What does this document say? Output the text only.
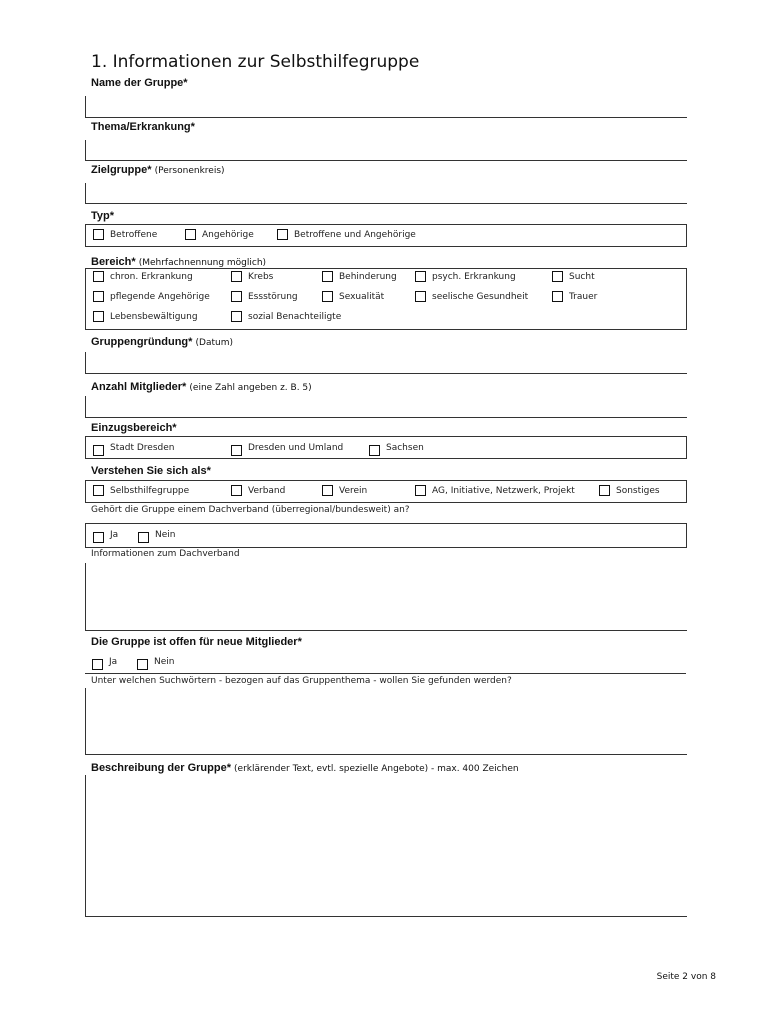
1. Informationen zur Selbsthilfegruppe
Name der Gruppe*
Thema/Erkrankung*
Zielgruppe* (Personenkreis)
Typ*
Betroffene	Angehörige	Betroffene und Angehörige
Bereich* (Mehrfachnennung möglich)
chron. Erkrankung	Krebs	Behinderung	psych. Erkrankung	Sucht
pflegende Angehörige	Essstörung	Sexualität	seelische Gesundheit	Trauer
Lebensbewältigung	sozial Benachteiligte
Gruppengründung* (Datum)
Anzahl Mitglieder* (eine Zahl angeben z. B. 5)
Einzugsbereich*
Stadt Dresden	Dresden und Umland	Sachsen
Verstehen Sie sich als*
Selbsthilfegruppe	Verband	Verein	AG, Initiative, Netzwerk, Projekt	Sonstiges
Gehört die Gruppe einem Dachverband (überregional/bundesweit) an?
Ja	Nein
Informationen zum Dachverband
Die Gruppe ist offen für neue Mitglieder*
Ja	Nein
Unter welchen Suchwörtern - bezogen auf das Gruppenthema - wollen Sie gefunden werden?
Beschreibung der Gruppe* (erklärender Text, evtl. spezielle Angebote) - max. 400 Zeichen
Seite 2 von 8
